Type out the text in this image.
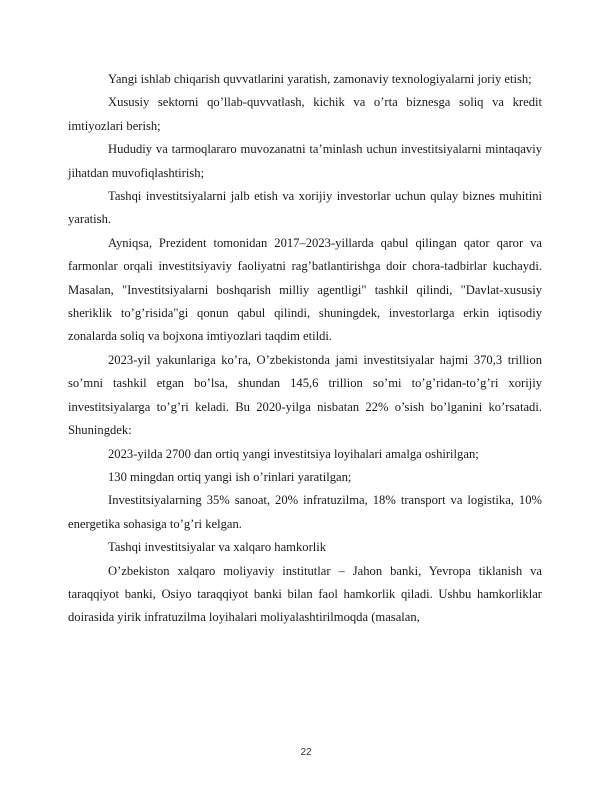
Yangi ishlab chiqarish quvvatlarini yaratish, zamonaviy texnologiyalarni joriy etish;

Xususiy sektorni qo’llab-quvvatlash, kichik va o’rta biznesga soliq va kredit imtiyozlari berish;

Hududiy va tarmoqlararo muvozanatni ta’minlash uchun investitsiyalarni mintaqaviy jihatdan muvofiqlashtirish;

Tashqi investitsiyalarni jalb etish va xorijiy investorlar uchun qulay biznes muhitini yaratish.

Ayniqsa, Prezident tomonidan 2017–2023-yillarda qabul qilingan qator qaror va farmonlar orqali investitsiyaviy faoliyatni rag’batlantirishga doir chora-tadbirlar kuchaydi. Masalan, "Investitsiyalarni boshqarish milliy agentligi" tashkil qilindi, "Davlat-xususiy sheriklik to’g’risida"gi qonun qabul qilindi, shuningdek, investorlarga erkin iqtisodiy zonalarda soliq va bojxona imtiyozlari taqdim etildi.

2023-yil yakunlariga ko’ra, O’zbekistonda jami investitsiyalar hajmi 370,3 trillion so’mni tashkil etgan bo’lsa, shundan 145,6 trillion so’mi to’g’ridan-to’g’ri xorijiy investitsiyalarga to’g’ri keladi. Bu 2020-yilga nisbatan 22% o’sish bo’lganini ko’rsatadi. Shuningdek:

2023-yilda 2700 dan ortiq yangi investitsiya loyihalari amalga oshirilgan;

130 mingdan ortiq yangi ish o’rinlari yaratilgan;

Investitsiyalarning 35% sanoat, 20% infratuzilma, 18% transport va logistika, 10% energetika sohasiga to’g’ri kelgan.

Tashqi investitsiyalar va xalqaro hamkorlik

O’zbekiston xalqaro moliyaviy institutlar – Jahon banki, Yevropa tiklanish va taraqqiyot banki, Osiyo taraqqiyot banki bilan faol hamkorlik qiladi. Ushbu hamkorliklar doirasida yirik infratuzilma loyihalari moliyalashtirilmoqda (masalan,

22
